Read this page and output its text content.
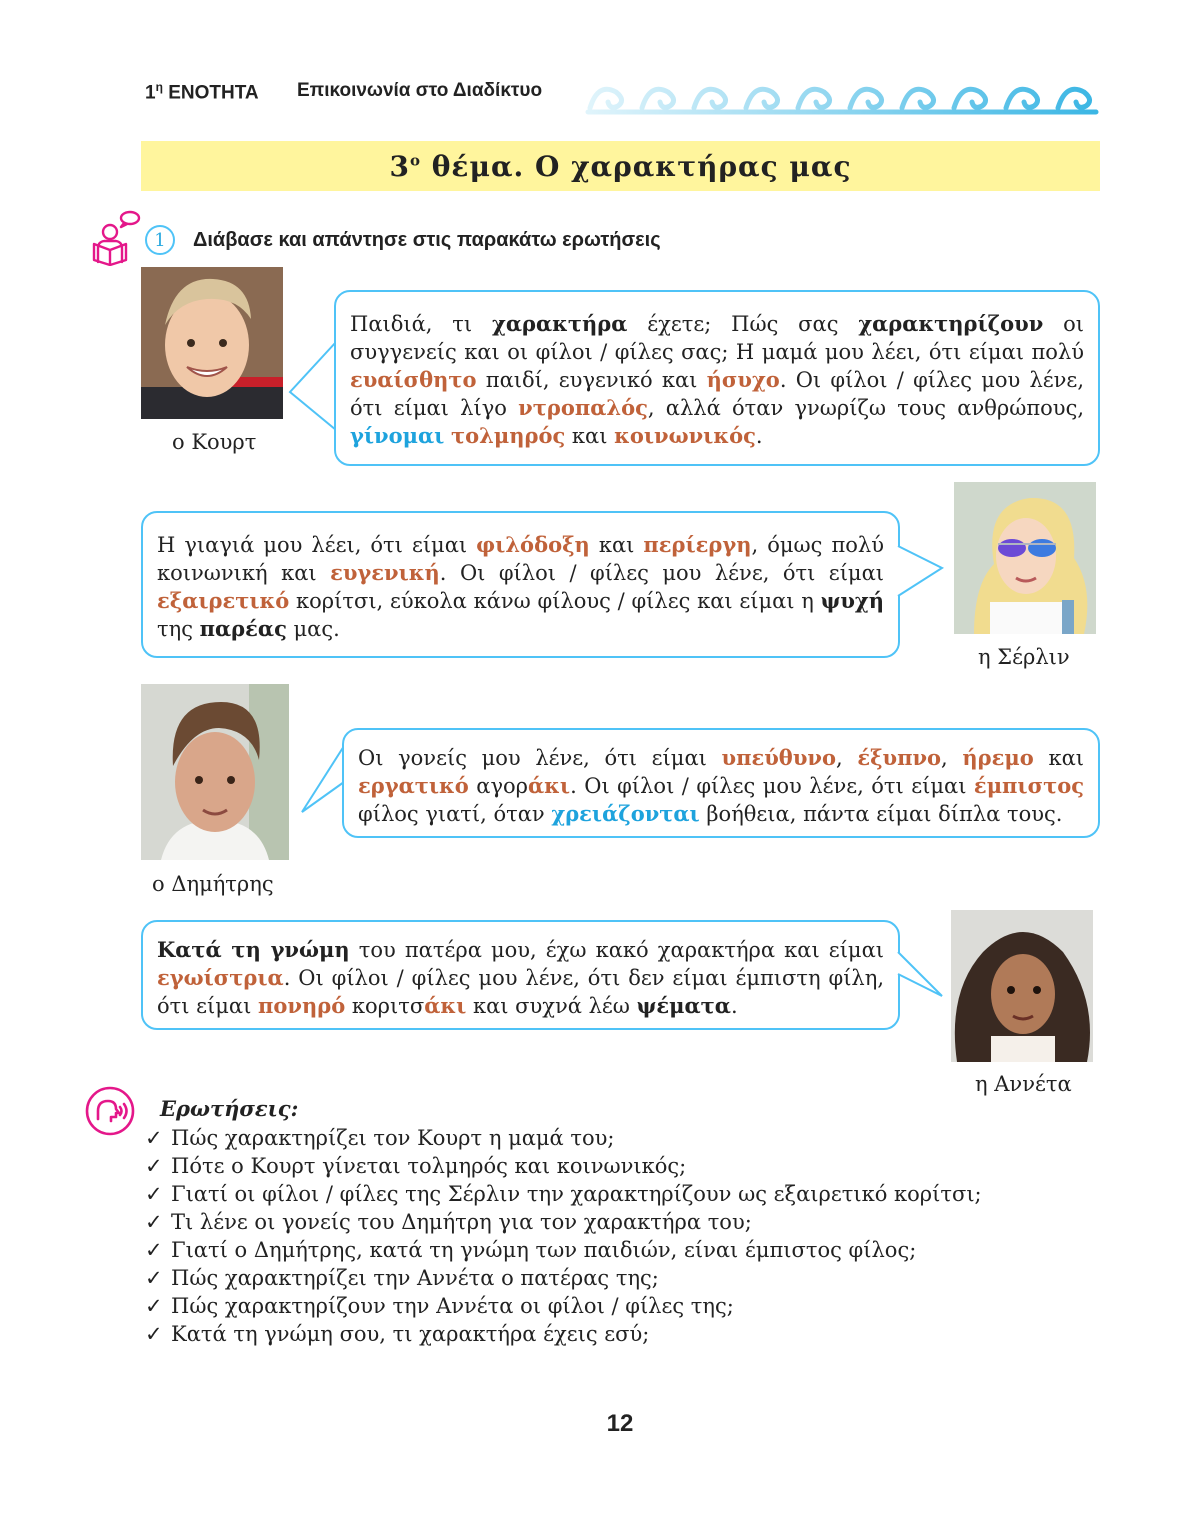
$1^\eta$ ΕΝΟΤΗΤΑ Επικοινωνία στο Διαδίκτυο
$3^o$ θέμα. Ο χαρακτήρας μας
1	Διάβασε και απάντησε στις παρακάτω ερωτήσεις
ο Κουρτ
Παιδιά, τι χαρακτήρα έχετε; Πώς σας χαρακτηρίζουν οι συγγενείς και οι φίλοι / φίλες σας; Η μαμά μου λέει, ότι είμαι πολύ ευαίσθητο παιδί, ευγενικό και ήσυχο. Οι φίλοι / φίλες μου λένε, ότι είμαι λίγο ντροπαλός, αλλά όταν γνωρίζω τους ανθρώπους, γίνομαι τολμηρός και κοινωνικός.
Η γιαγιά μου λέει, ότι είμαι φιλόδοξη και περίεργη, όμως πολύ κοινωνική και ευγενική. Οι φίλοι / φίλες μου λένε, ότι είμαι εξαιρετικό κορίτσι, εύκολα κάνω φίλους / φίλες και είμαι η ψυχή της παρέας μας.
η Σέρλιν
ο Δημήτρης
Οι γονείς μου λένε, ότι είμαι υπεύθυνο, έξυπνο, ήρεμο και εργατικό αγοράκι. Οι φίλοι / φίλες μου λένε, ότι είμαι έμπιστος φίλος γιατί, όταν χρειάζονται βοήθεια, πάντα είμαι δίπλα τους.
Κατά τη γνώμη του πατέρα μου, έχω κακό χαρακτήρα και είμαι εγωίστρια. Οι φίλοι / φίλες μου λένε, ότι δεν είμαι έμπιστη φίλη, ότι είμαι πονηρό κοριτσάκι και συχνά λέω ψέματα.
η Αννέτα
Ερωτήσεις:
✓ Πώς χαρακτηρίζει τον Κουρτ η μαμά του;
✓ Πότε ο Κουρτ γίνεται τολμηρός και κοινωνικός;
✓ Γιατί οι φίλοι / φίλες της Σέρλιν την χαρακτηρίζουν ως εξαιρετικό κορίτσι;
✓ Τι λένε οι γονείς του Δημήτρη για τον χαρακτήρα του;
✓ Γιατί ο Δημήτρης, κατά τη γνώμη των παιδιών, είναι έμπιστος φίλος;
✓ Πώς χαρακτηρίζει την Αννέτα ο πατέρας της;
✓ Πώς χαρακτηρίζουν την Αννέτα οι φίλοι / φίλες της;
✓ Κατά τη γνώμη σου, τι χαρακτήρα έχεις εσύ;
12
